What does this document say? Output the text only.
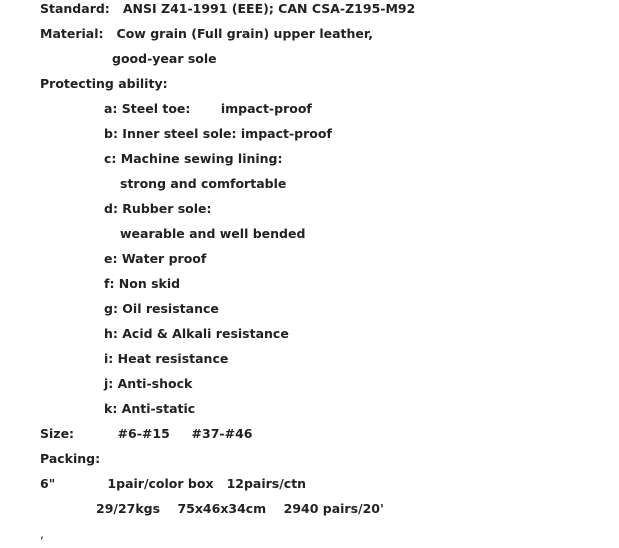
Standard:   ANSI Z41-1991 (EEE); CAN CSA-Z195-M92
Material:   Cow grain (Full grain) upper leather,
good-year sole
Protecting ability:
a: Steel toe:       impact-proof
b: Inner steel sole: impact-proof
c: Machine sewing lining:
strong and comfortable
d: Rubber sole:
wearable and well bended
e: Water proof
f: Non skid
g: Oil resistance
h: Acid & Alkali resistance
i: Heat resistance
j: Anti-shock
k: Anti-static
Size:          #6-#15     #37-#46
Packing:
6"            1pair/color box   12pairs/ctn
29/27kgs    75x46x34cm    2940 pairs/20'
,
